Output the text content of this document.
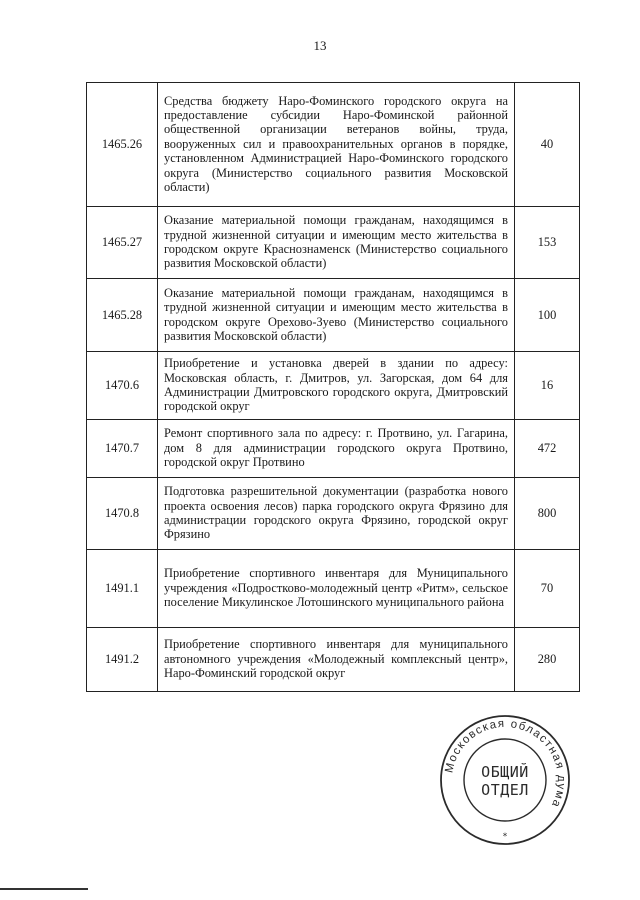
13
1465.26	Средства бюджету Наро-Фоминского городского округа на предоставление субсидии Наро-Фоминской районной общественной организации ветеранов войны, труда, вооруженных сил и правоохранительных органов в порядке, установленном Администрацией Наро-Фоминского городского округа (Министерство социального развития Московской области)	40
1465.27	Оказание материальной помощи гражданам, находящимся в трудной жизненной ситуации и имеющим место жительства в городском округе Краснознаменск (Министерство социального развития Московской области)	153
1465.28	Оказание материальной помощи гражданам, находящимся в трудной жизненной ситуации и имеющим место жительства в городском округе Орехово-Зуево (Министерство социального развития Московской области)	100
1470.6	Приобретение и установка дверей в здании по адресу: Московская область, г. Дмитров, ул. Загорская, дом 64 для Администрации Дмитровского городского округа, Дмитровский городской округ	16
1470.7	Ремонт спортивного зала по адресу: г. Протвино, ул. Гагарина, дом 8 для администрации городского округа Протвино, городской округ Протвино	472
1470.8	Подготовка разрешительной документации (разработка нового проекта освоения лесов) парка городского округа Фрязино для администрации городского округа Фрязино, городской округ Фрязино	800
1491.1	Приобретение спортивного инвентаря для Муниципального учреждения «Подростково-молодежный центр «Ритм», сельское поселение Микулинское Лотошинского муниципального района	70
1491.2	Приобретение спортивного инвентаря для муниципального автономного учреждения «Молодежный комплексный центр», Наро-Фоминский городской округ	280
Московская областная дума
ОБЩИЙ
ОТДЕЛ
*
